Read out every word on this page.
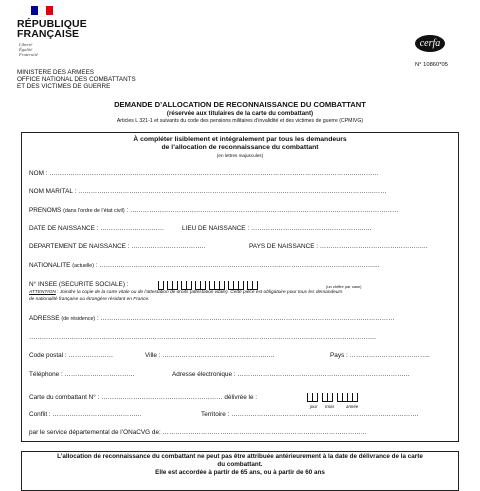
RÉPUBLIQUE
FRANÇAISE
Liberté
Égalité
Fraternité
cerfa
N° 10860*05
MINISTERE DES ARMEES
OFFICE NATIONAL DES COMBATTANTS
ET DES VICTIMES DE GUERRE
DEMANDE D’ALLOCATION DE RECONNAISSANCE DU COMBATTANT
(réservée aux titulaires de la carte du combattant)
Articles L 321-1 et suivants du code des pensions militaires d’invalidité et des victimes de guerre (CPMIVG)
À compléter lisiblement et intégralement par tous les demandeurs
de l’allocation de reconnaissance du combattant
(en lettres majuscules)
NOM : ……………………………………………………………………………………………………………………………..…………
NOM MARITAL : ………………………………………………………………………………………………………………………….……
PRENOMS (dans l’ordre de l’état civil) : ………………………………………………………………………………………………………………
DATE DE NAISSANCE : …………………………	LIEU DE NAISSANCE : ………………………………………………...
DEPARTEMENT DE NAISSANCE : ……………………………..	PAYS DE NAISSANCE : …………………………………………...
NATIONALITE (actuelle) : …………………………………………………………………………………………………………………...
N° INSEE (SECURITE SOCIALE) :	(un chiffre par case)
ATTENTION : Joindre la copie de la carte vitale ou de l’attestation de droits (attestation vitale). Cette pièce est obligatoire pour tous les demandeurs
de nationalité française ou étrangère résidant en France.
ADRESSE (de résidence) : …………………………………………………………………………………………………………………………
……………………………………………………………………………………………………………………………………………….
Code postal : …………………	Ville : ……………………………………………..	Pays : ………………………………..
Téléphone : ……………………………	Adresse électronique : ………………………………………………………………………
Carte du combattant N° : ………………………………………………… délivrée le :
jour mois	année
Conflit : ……………………………………	Territoire : …………………………………………………………………………….
par le service départemental de l’ONaCVG de: ……………………………………………………………………………………
L’allocation de reconnaissance du combattant ne peut pas être attribuée antérieurement à la date de délivrance de la carte
du combattant.
Elle est accordée à partir de 65 ans, ou à partir de 60 ans
